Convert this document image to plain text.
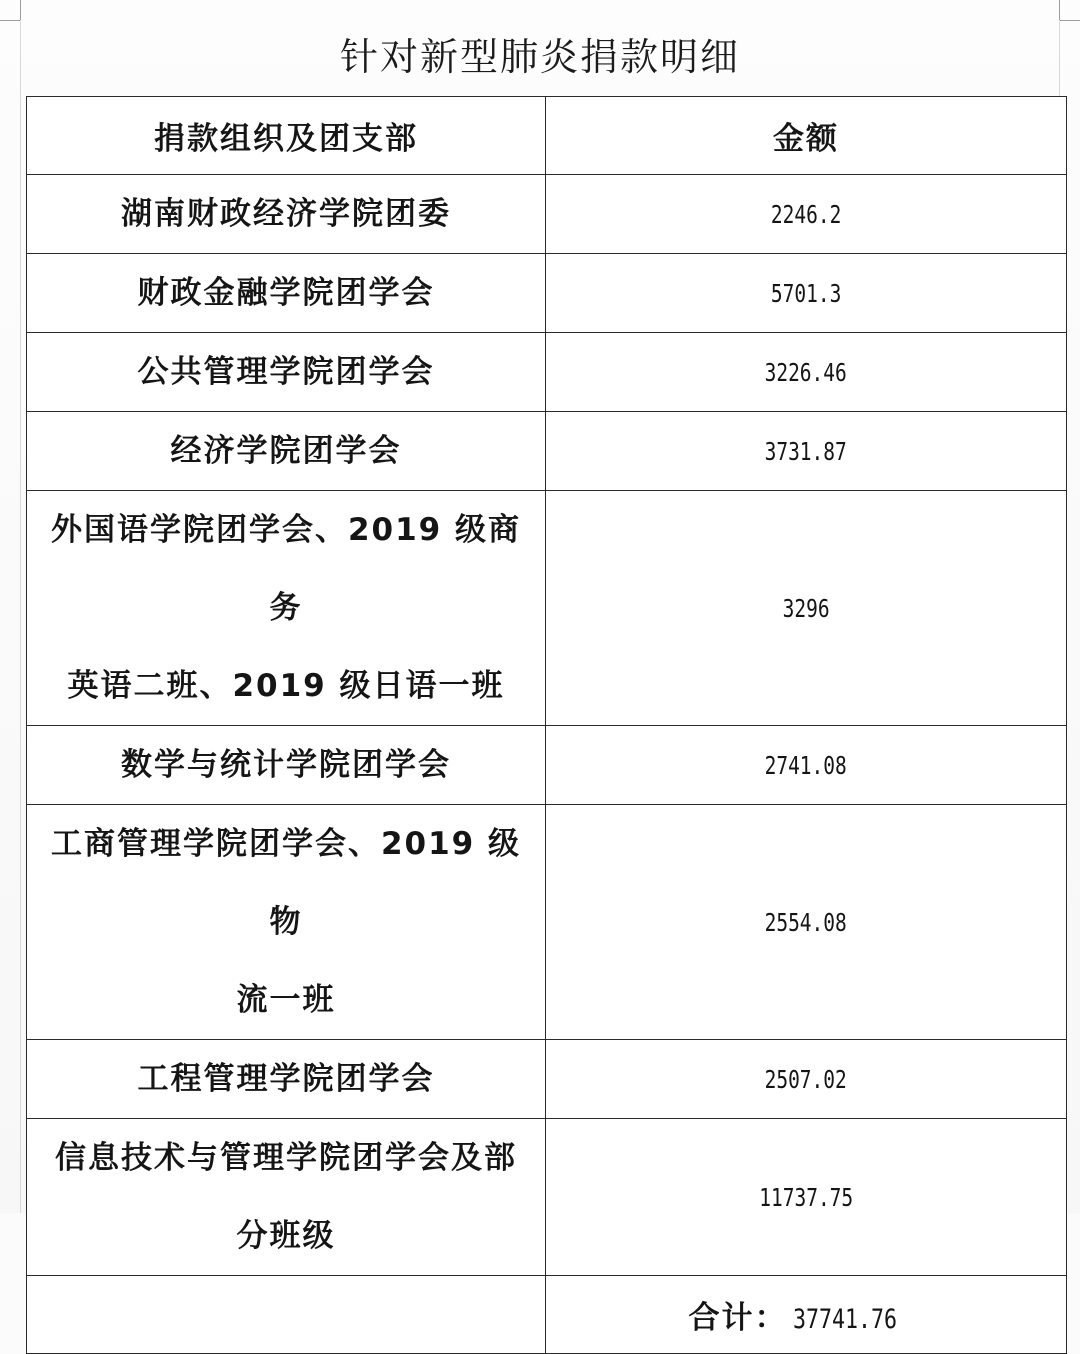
针对新型肺炎捐款明细
捐款组织及团支部	金额
湖南财政经济学院团委	2246.2
财政金融学院团学会	5701.3
公共管理学院团学会	3226.46
经济学院团学会	3731.87

外国语学院团学会、2019 级商务
英语二班、2019 级日语一班	3296
数学与统计学院团学会	2741.08

工商管理学院团学会、2019 级物
流一班	2554.08
工程管理学院团学会	2507.02

信息技术与管理学院团学会及部
分班级	11737.75

	合计： 37741.76
